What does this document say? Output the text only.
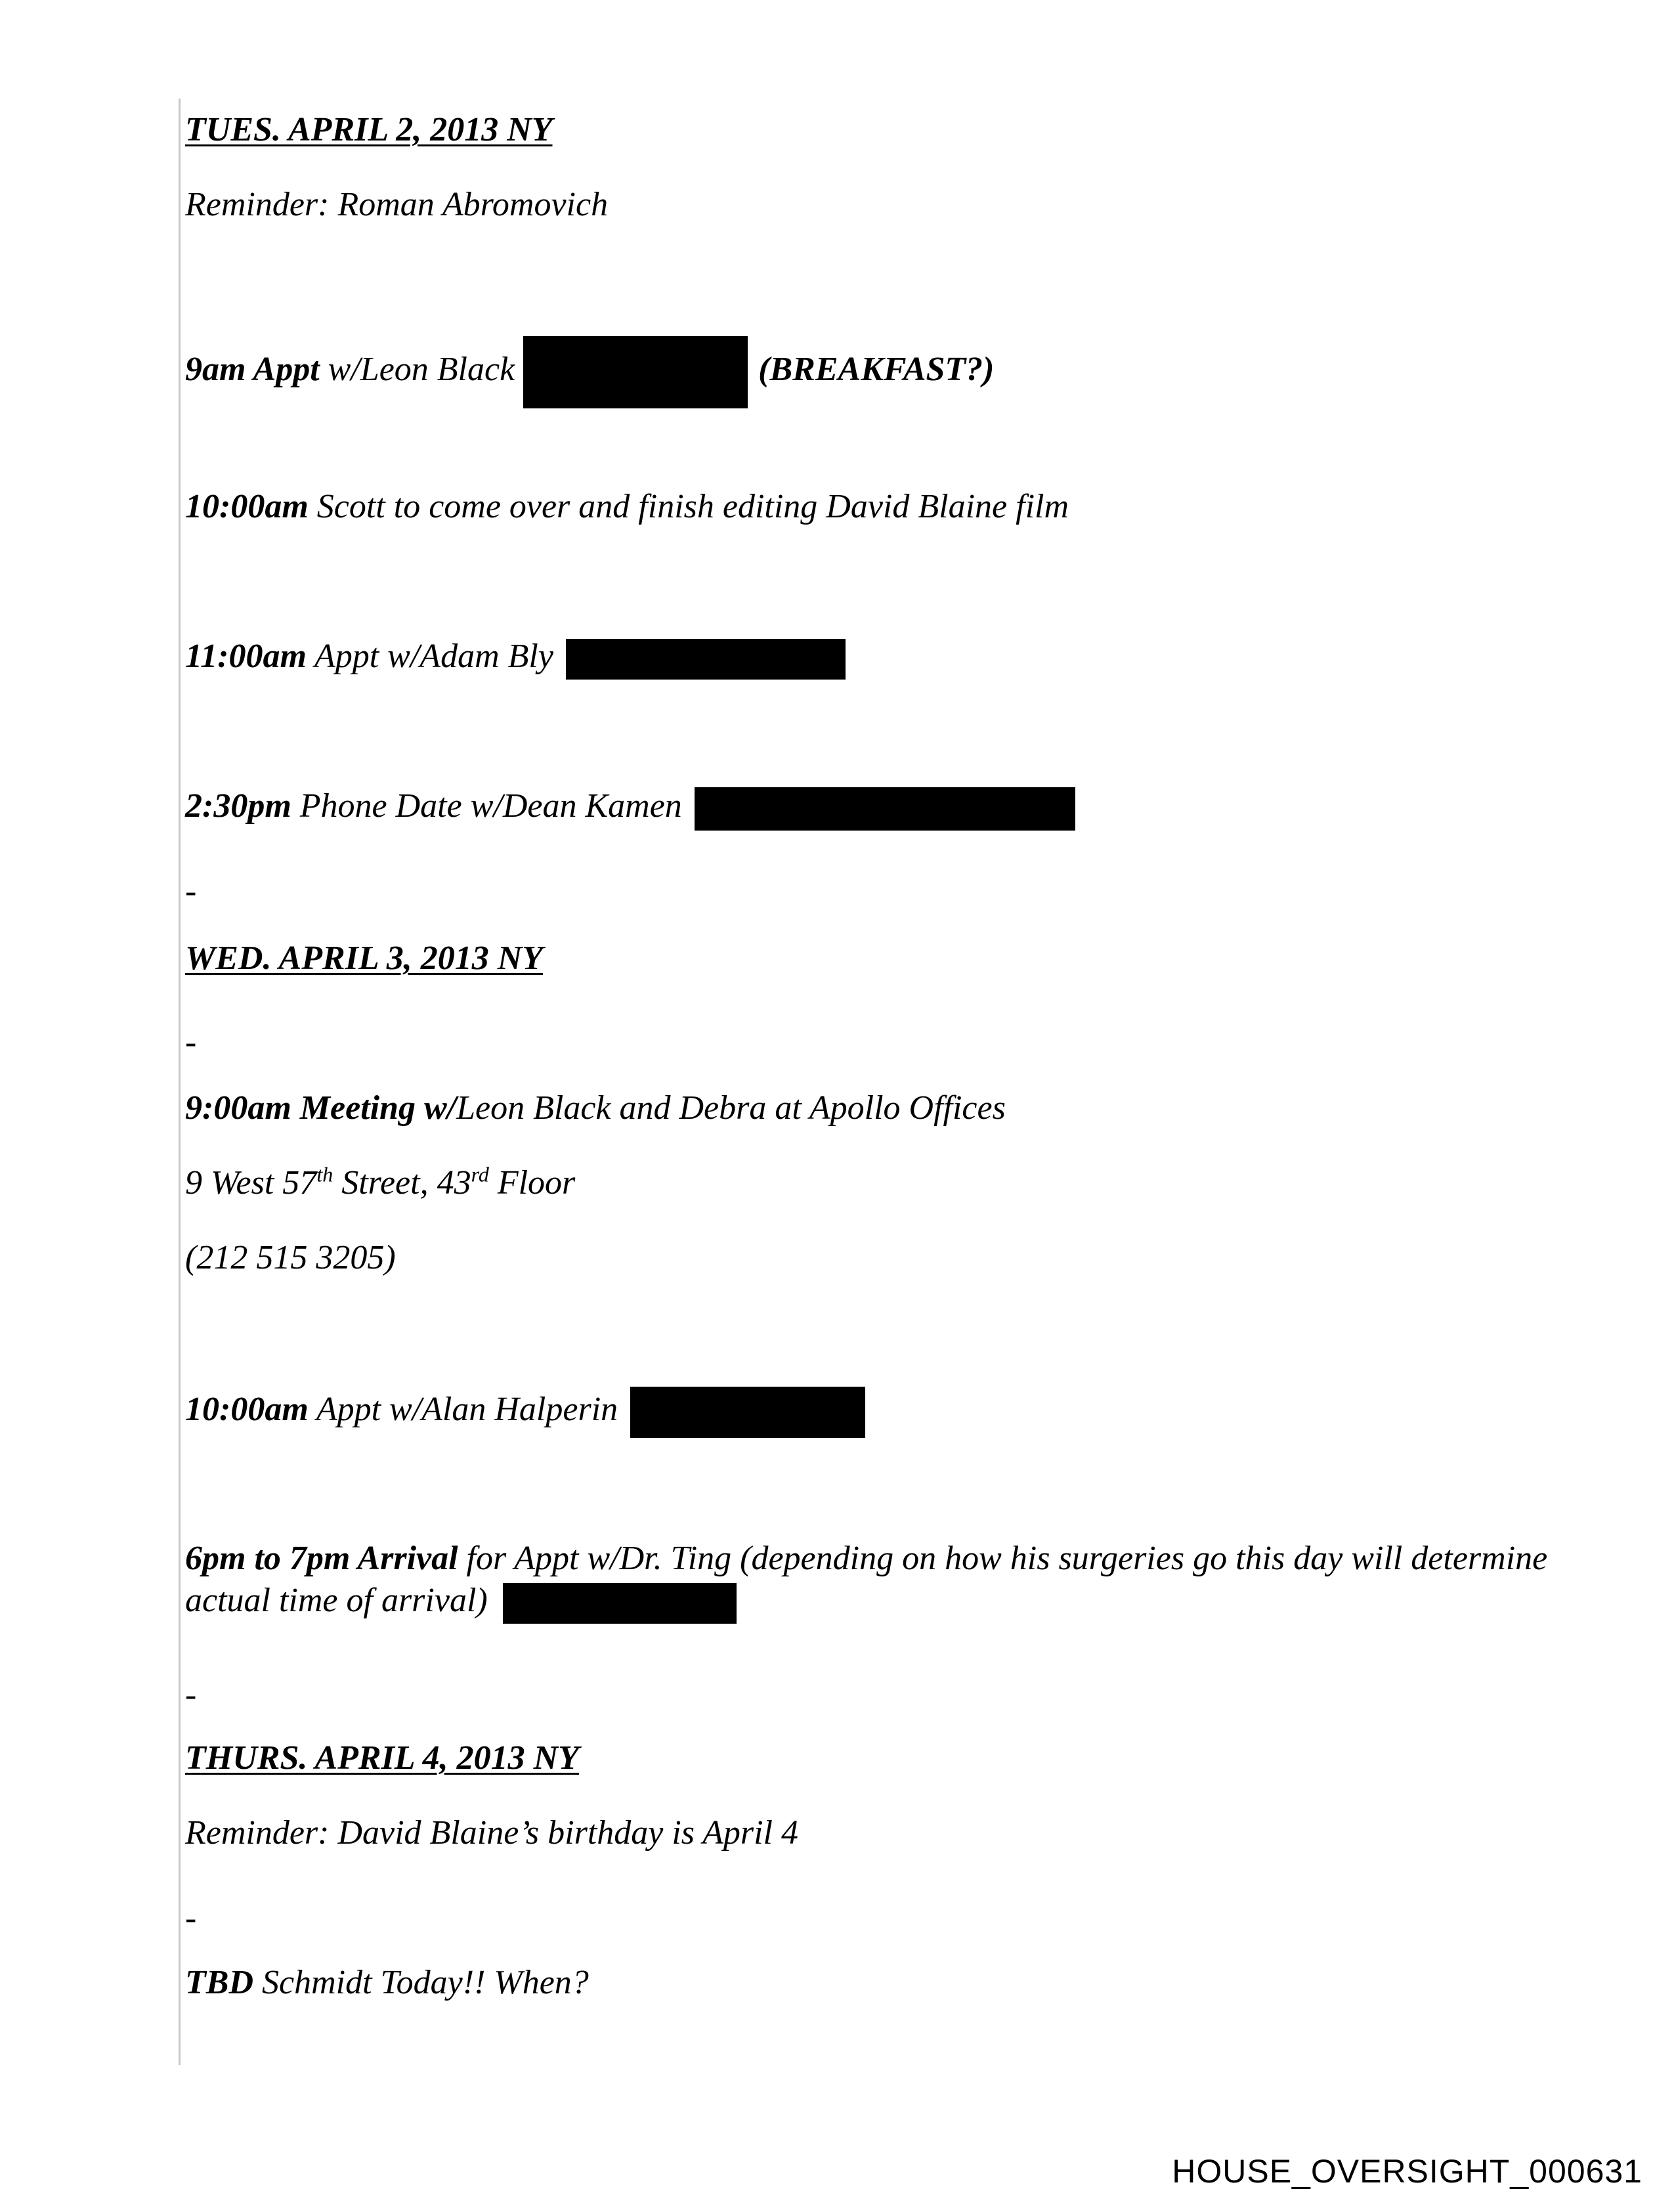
TUES. APRIL 2, 2013 NY
Reminder: Roman Abromovich
9am Appt w/Leon Black	(BREAKFAST?)
10:00am Scott to come over and finish editing David Blaine film
11:00am Appt w/Adam Bly
2:30pm Phone Date w/Dean Kamen
-
WED. APRIL 3, 2013 NY
-
9:00am Meeting w/Leon Black and Debra at Apollo Offices
9 West 57th Street, 43rd Floor
(212 515 3205)
10:00am Appt w/Alan Halperin
6pm to 7pm Arrival for Appt w/Dr. Ting (depending on how his surgeries go this day will determine actual time of arrival)
-
THURS. APRIL 4, 2013 NY
Reminder: David Blaine’s birthday is April 4
-
TBD Schmidt Today!! When?
HOUSE_OVERSIGHT_000631
